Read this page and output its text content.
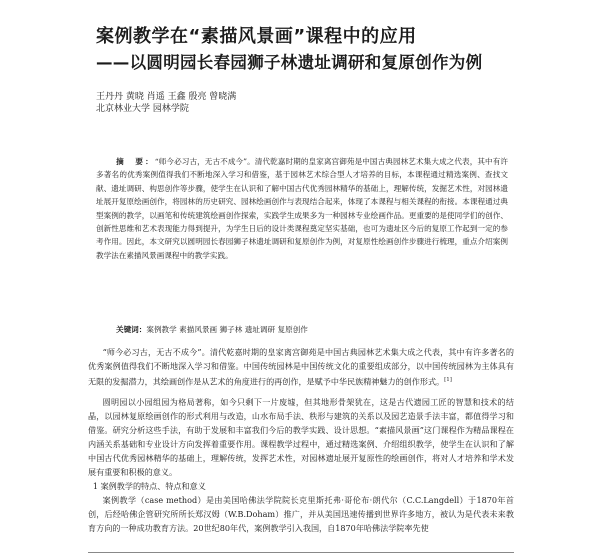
案例教学在“素描风景画”课程中的应用
——以圆明园长春园狮子林遗址调研和复原创作为例
王丹丹 黄晓 肖遥 王鑫 殷亮 曾晓满
北京林业大学 园林学院
摘　要：“师今必习古，无古不成今”。清代乾嘉时期的皇家离宫御苑是中国古典园林艺术集大成之代表，其中有许多著名的优秀案例值得我们不断地深入学习和借鉴，基于园林艺术综合型人才培养的目标，本课程通过精选案例、查找文献、遗址调研、构思创作等步骤，使学生在认识和了解中国古代优秀园林精华的基础上，理解传统，发掘艺术性，对园林遗址展开复原绘画创作，将园林的历史研究、园林绘画创作与表现结合起来，体现了本课程与相关课程的衔接。本课程通过典型案例的教学，以画笔和传统建筑绘画创作探索，实践学生成果多为一种园林专业绘画作品。更重要的是使同学们的创作、创新性思维和艺术表现能力得到提升，为学生日后的设计类课程奠定坚实基础，也可为遗址区今后的复原工作起到一定的参考作用。因此，本文研究以圆明园长春园狮子林遗址调研和复原创作为例，对复原性绘画创作步骤进行梳理，重点介绍案例教学法在素描风景画课程中的教学实践。
关键词：案例教学 素描风景画 狮子林 遗址调研 复原创作

“师今必习古，无古不成今”。清代乾嘉时期的皇家离宫御苑是中国古典园林艺术集大成之代表，其中有许多著名的优秀案例值得我们不断地深入学习和借鉴。中国传统园林是中国传统文化的重要组成部分，以中国传统园林为主体具有无限的发掘潜力，其绘画创作是从艺术的角度进行的再创作，是赋予中华民族精神魅力的创作形式。[1]

圆明园以小园组园为格局著称，如今只剩下一片废墟，但其地形骨架犹在，这是古代遗园工匠的智慧和技术的结晶，以园林复原绘画创作的形式利用与改造，山水布局手法、秩形与建筑的关系以及园艺造景手法丰富，都值得学习和借鉴。研究分析这些手法，有助于发展和丰富我们今后的教学实践、设计思想。“素描风景画”这门课程作为精品课程在内涵关系基础和专业设计方向发挥着重要作用。课程教学过程中，通过精选案例、介绍组织教学，使学生在认识和了解中国古代优秀园林精华的基础上，理解传统，发挥艺术性，对园林遗址展开复原性的绘画创作，将对人才培养和学术发展有重要和积极的意义。

1 案例教学的特点、特点和意义

案例教学（case method）是由美国哈佛法学院院长克里斯托弗·哥伦布·朗代尔（C.C.Langdell）于1870年首创，后经哈佛企管研究所所长郑汉姆（W.B.Doham）推广，并从美国迅速传播到世界许多地方，被认为是代表未来教育方向的一种成功教育方法。20世纪80年代，案例教学引入我国，自1870年哈佛法学院率先使
